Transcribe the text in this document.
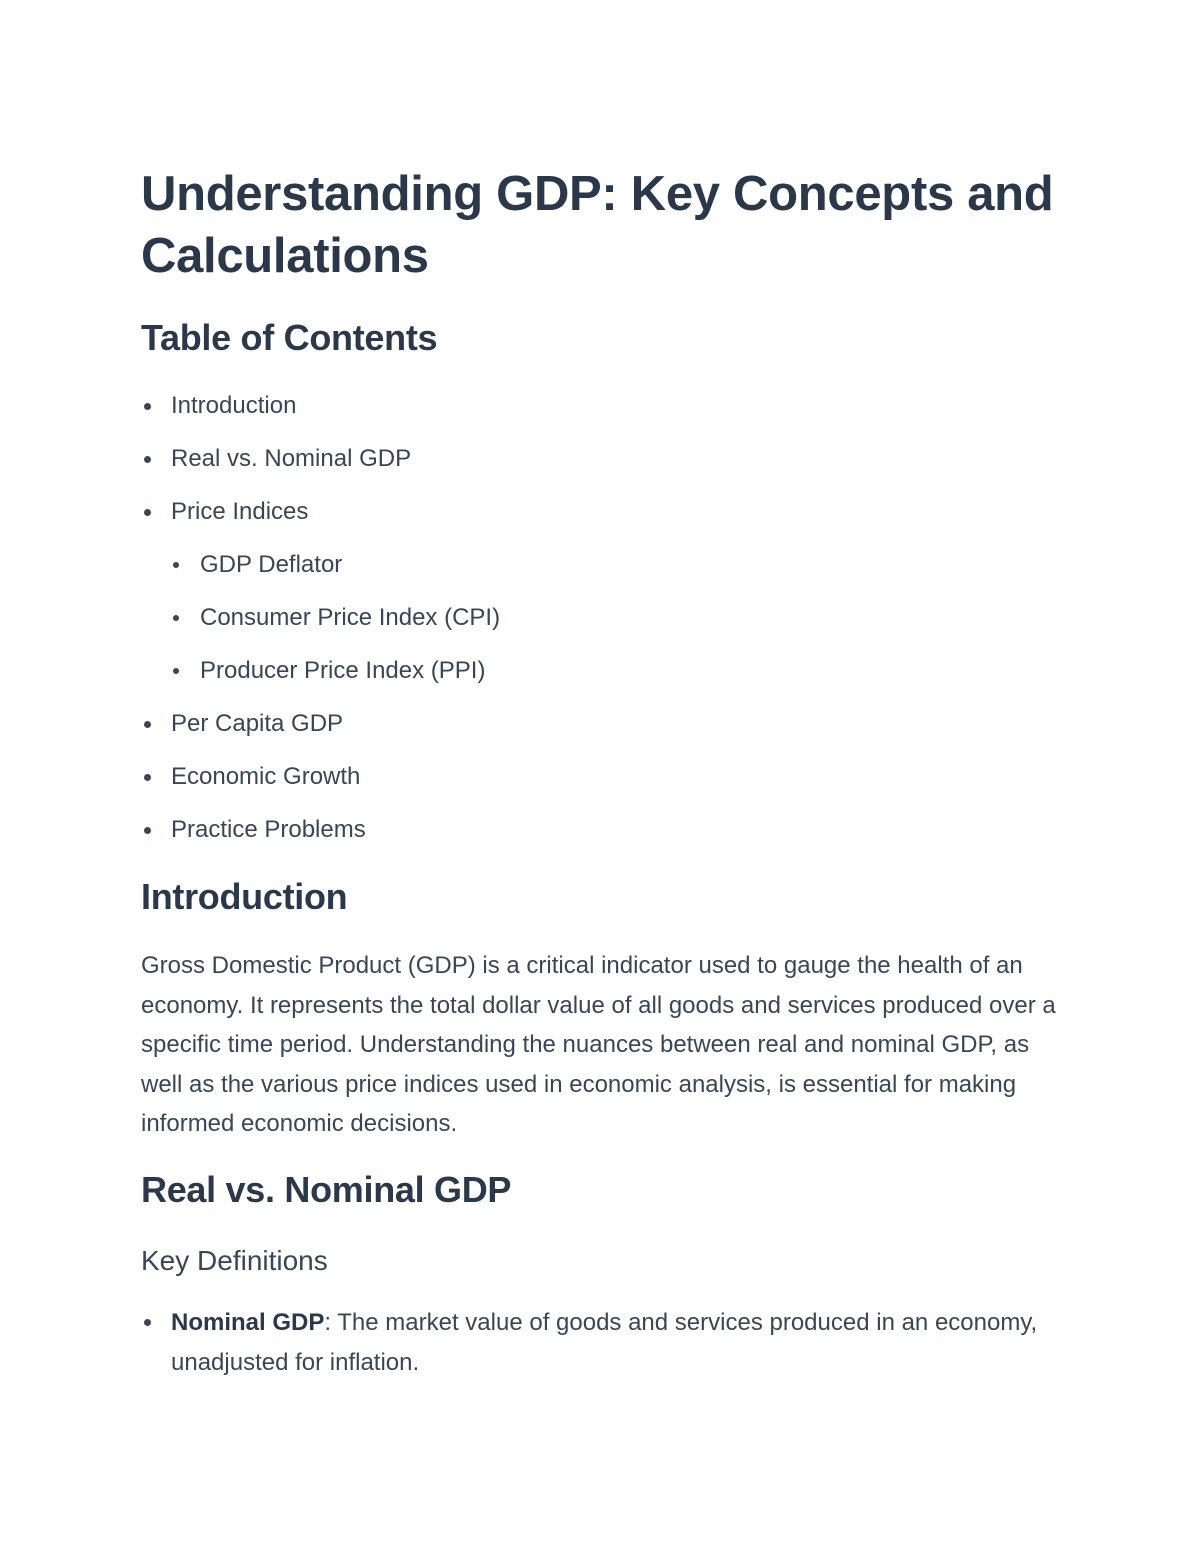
Understanding GDP: Key Concepts and Calculations
Table of Contents
Introduction
Real vs. Nominal GDP
Price Indices
GDP Deflator
Consumer Price Index (CPI)
Producer Price Index (PPI)
Per Capita GDP
Economic Growth
Practice Problems
Introduction

Gross Domestic Product (GDP) is a critical indicator used to gauge the health of an economy. It represents the total dollar value of all goods and services produced over a specific time period. Understanding the nuances between real and nominal GDP, as well as the various price indices used in economic analysis, is essential for making informed economic decisions.

Real vs. Nominal GDP
Key Definitions
Nominal GDP: The market value of goods and services produced in an economy, unadjusted for inflation.
